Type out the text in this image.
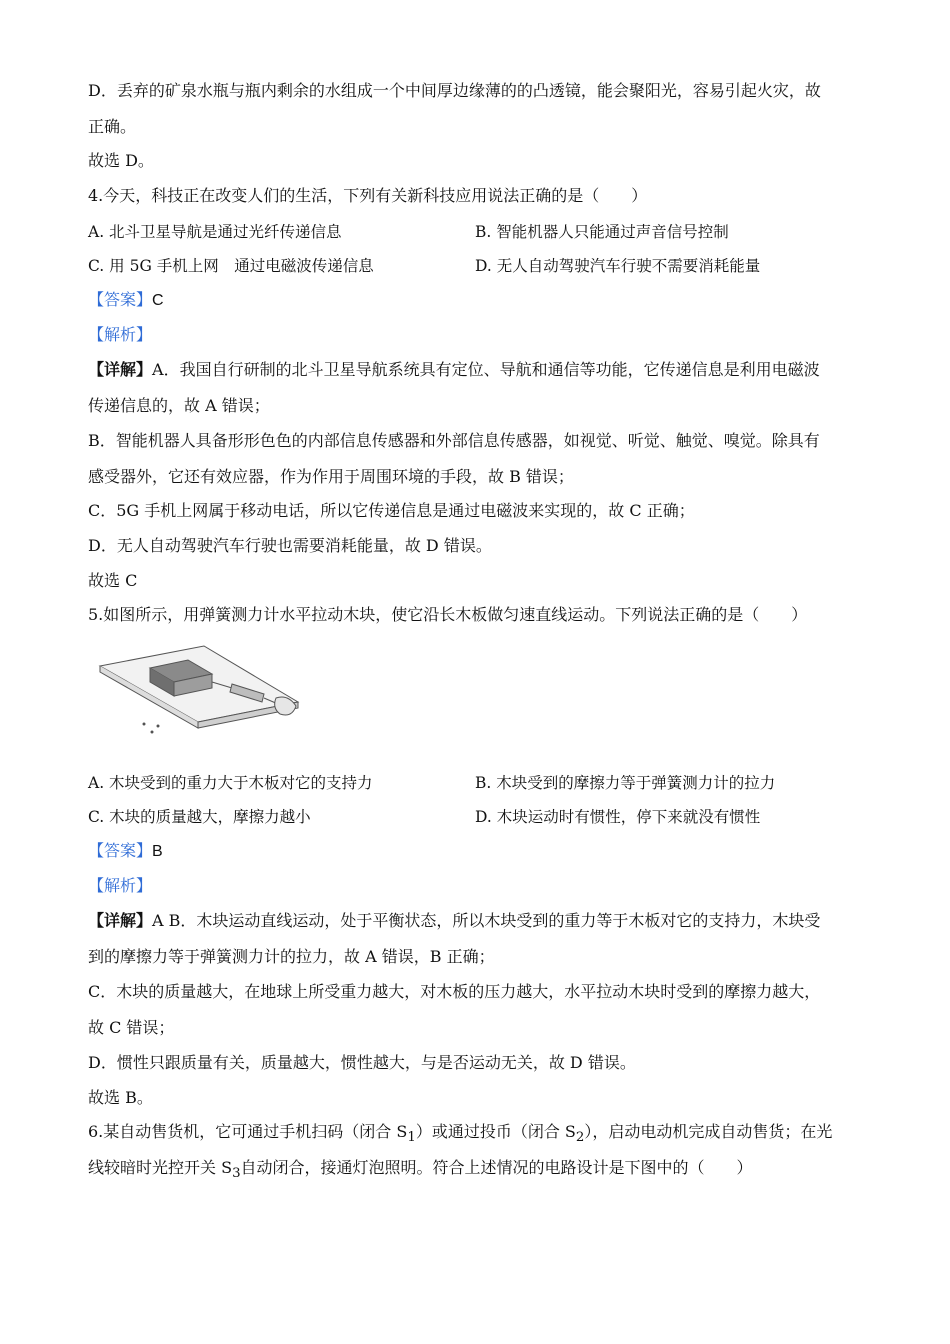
D．丢弃的矿泉水瓶与瓶内剩余的水组成一个中间厚边缘薄的的凸透镜，能会聚阳光，容易引起火灾，故
正确。
故选 D。
4.今天，科技正在改变人们的生活，下列有关新科技应用说法正确的是（　　）
A. 北斗卫星导航是通过光纤传递信息	B. 智能机器人只能通过声音信号控制
C. 用 5G 手机上网　通过电磁波传递信息	D. 无人自动驾驶汽车行驶不需要消耗能量
【答案】C
【解析】
【详解】A．我国自行研制的北斗卫星导航系统具有定位、导航和通信等功能，它传递信息是利用电磁波
传递信息的，故 A 错误；
B．智能机器人具备形形色色的内部信息传感器和外部信息传感器，如视觉、听觉、触觉、嗅觉。除具有
感受器外，它还有效应器，作为作用于周围环境的手段，故 B 错误；
C．5G 手机上网属于移动电话，所以它传递信息是通过电磁波来实现的，故 C 正确；
D．无人自动驾驶汽车行驶也需要消耗能量，故 D 错误。
故选 C
5.如图所示，用弹簧测力计水平拉动木块，使它沿长木板做匀速直线运动。下列说法正确的是（　　）
A. 木块受到的重力大于木板对它的支持力	B. 木块受到的摩擦力等于弹簧测力计的拉力
C. 木块的质量越大，摩擦力越小	D. 木块运动时有惯性，停下来就没有惯性
【答案】B
【解析】
【详解】A B．木块运动直线运动，处于平衡状态，所以木块受到的重力等于木板对它的支持力，木块受
到的摩擦力等于弹簧测力计的拉力，故 A 错误，B 正确；
C．木块的质量越大，在地球上所受重力越大，对木板的压力越大，水平拉动木块时受到的摩擦力越大，
故 C 错误；
D．惯性只跟质量有关，质量越大，惯性越大，与是否运动无关，故 D 错误。
故选 B。
6.某自动售货机，它可通过手机扫码（闭合 $S_1$）或通过投币（闭合 $S_2$），启动电动机完成自动售货；在光
线较暗时光控开关 $S_3$自动闭合，接通灯泡照明。符合上述情况的电路设计是下图中的（　　）
